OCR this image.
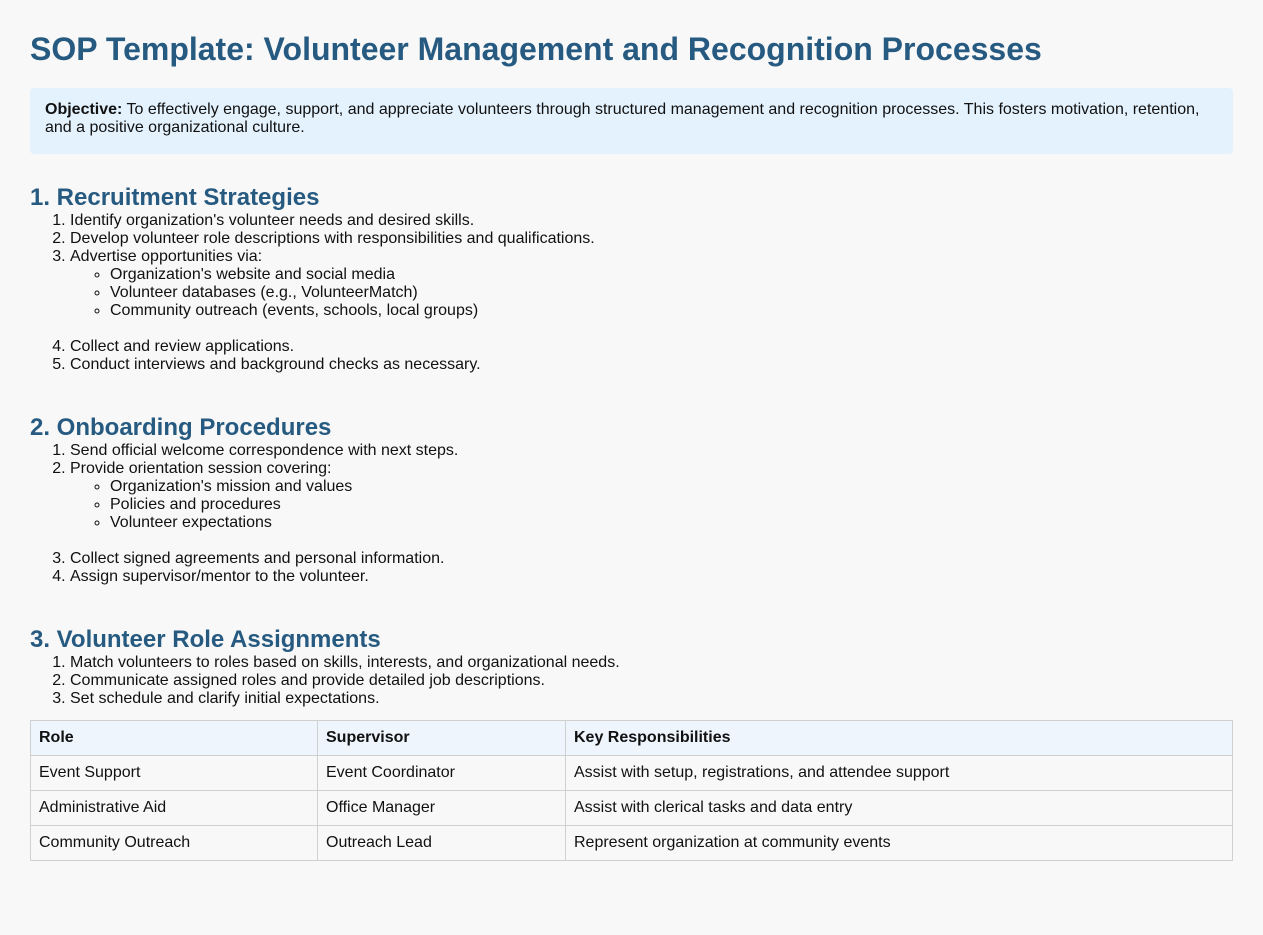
SOP Template: Volunteer Management and Recognition Processes
Objective: To effectively engage, support, and appreciate volunteers through structured management and recognition processes. This fosters motivation, retention, and a positive organizational culture.
1. Recruitment Strategies
1. Identify organization's volunteer needs and desired skills.
2. Develop volunteer role descriptions with responsibilities and qualifications.
3. Advertise opportunities via:
◦ Organization's website and social media
◦ Volunteer databases (e.g., VolunteerMatch)
◦ Community outreach (events, schools, local groups)
4. Collect and review applications.
5. Conduct interviews and background checks as necessary.
2. Onboarding Procedures
1. Send official welcome correspondence with next steps.
2. Provide orientation session covering:
◦ Organization's mission and values
◦ Policies and procedures
◦ Volunteer expectations
3. Collect signed agreements and personal information.
4. Assign supervisor/mentor to the volunteer.
3. Volunteer Role Assignments
1. Match volunteers to roles based on skills, interests, and organizational needs.
2. Communicate assigned roles and provide detailed job descriptions.
3. Set schedule and clarify initial expectations.
Role	Supervisor	Key Responsibilities
Event Support	Event Coordinator	Assist with setup, registrations, and attendee support
Administrative Aid	Office Manager	Assist with clerical tasks and data entry
Community Outreach	Outreach Lead	Represent organization at community events
